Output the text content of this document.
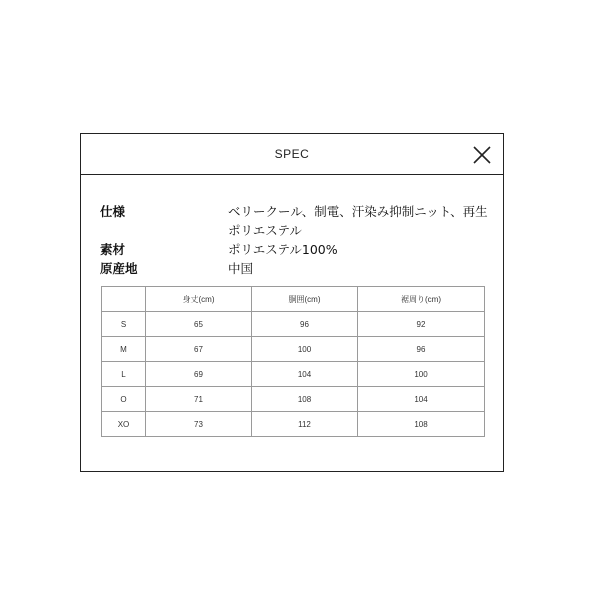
SPEC
仕様	ベリークール、制電、汗染み抑制ニット、再生ポリエステル
素材	ポリエステル100%
原産地	中国
	身丈(cm)	胴囲(cm)	裾周り(cm)
S	65	96	92
M	67	100	96
L	69	104	100
O	71	108	104
XO	73	112	108
